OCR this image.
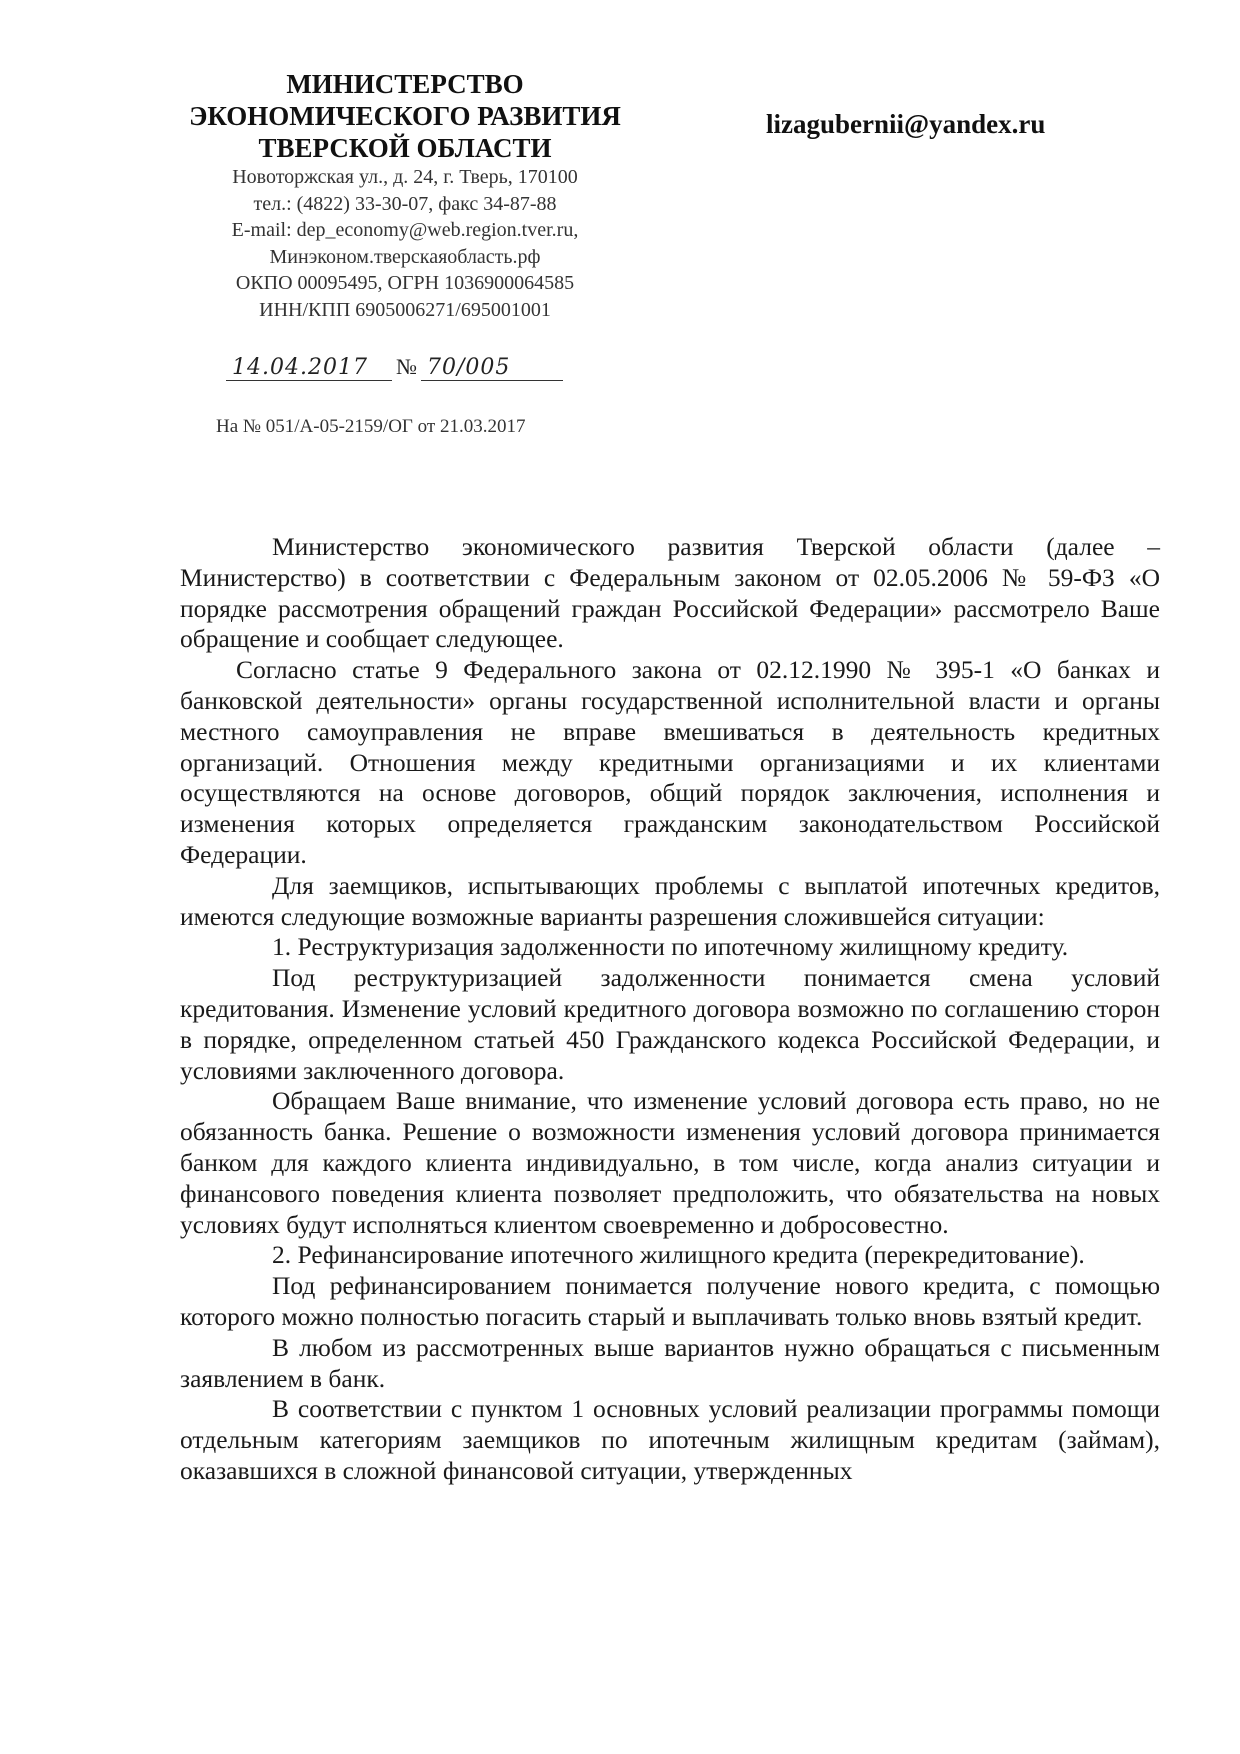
МИНИСТЕРСТВО
ЭКОНОМИЧЕСКОГО РАЗВИТИЯ
ТВЕРСКОЙ ОБЛАСТИ
Новоторжская ул., д. 24, г. Тверь, 170100
тел.: (4822) 33-30-07, факс 34-87-88
E-mail: dep_economy@web.region.tver.ru,
Минэконом.тверскаяобласть.рф
ОКПО 00095495, ОГРН 1036900064585
ИНН/КПП 6905006271/695001001
lizagubernii@yandex.ru
14.04.2017 № 70/005
На № 051/А-05-2159/ОГ от 21.03.2017

Министерство экономического развития Тверской области (далее – Министерство) в соответствии с Федеральным законом от 02.05.2006 № 59-ФЗ «О порядке рассмотрения обращений граждан Российской Федерации» рассмотрело Ваше обращение и сообщает следующее.

Согласно статье 9 Федерального закона от 02.12.1990 № 395-1 «О банках и банковской деятельности» органы государственной исполнительной власти и органы местного самоуправления не вправе вмешиваться в деятельность кредитных организаций. Отношения между кредитными организациями и их клиентами осуществляются на основе договоров, общий порядок заключения, исполнения и изменения которых определяется гражданским законодательством Российской Федерации.

Для заемщиков, испытывающих проблемы с выплатой ипотечных кредитов, имеются следующие возможные варианты разрешения сложившейся ситуации:

1. Реструктуризация задолженности по ипотечному жилищному кредиту.

Под реструктуризацией задолженности понимается смена условий кредитования. Изменение условий кредитного договора возможно по соглашению сторон в порядке, определенном статьей 450 Гражданского кодекса Российской Федерации, и условиями заключенного договора.

Обращаем Ваше внимание, что изменение условий договора есть право, но не обязанность банка. Решение о возможности изменения условий договора принимается банком для каждого клиента индивидуально, в том числе, когда анализ ситуации и финансового поведения клиента позволяет предположить, что обязательства на новых условиях будут исполняться клиентом своевременно и добросовестно.

2. Рефинансирование ипотечного жилищного кредита (перекредитование).

Под рефинансированием понимается получение нового кредита, с помощью которого можно полностью погасить старый и выплачивать только вновь взятый кредит.

В любом из рассмотренных выше вариантов нужно обращаться с письменным заявлением в банк.

В соответствии с пунктом 1 основных условий реализации программы помощи отдельным категориям заемщиков по ипотечным жилищным кредитам (займам), оказавшихся в сложной финансовой ситуации, утвержденных
